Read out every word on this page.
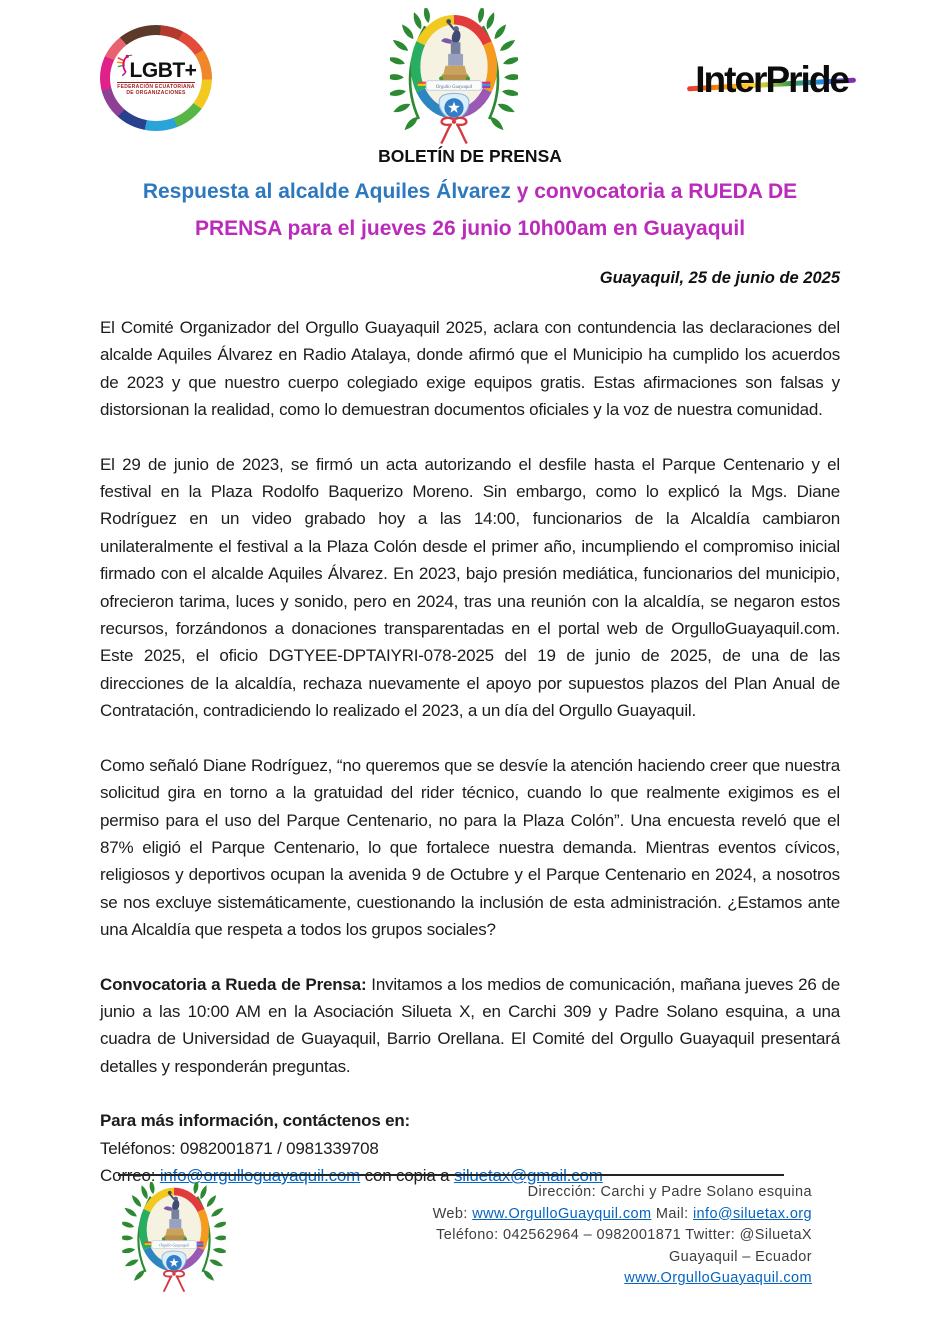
LGBT+
FEDERACIÓN ECUATORIANA
DE ORGANIZACIONES	InterPride
BOLETÍN DE PRENSA
Respuesta al alcalde Aquiles Álvarez y convocatoria a RUEDA DE
PRENSA para el jueves 26 junio 10h00am en Guayaquil
Guayaquil, 25 de junio de 2025

El Comité Organizador del Orgullo Guayaquil 2025, aclara con contundencia las declaraciones del alcalde Aquiles Álvarez en Radio Atalaya, donde afirmó que el Municipio ha cumplido los acuerdos de 2023 y que nuestro cuerpo colegiado exige equipos gratis. Estas afirmaciones son falsas y distorsionan la realidad, como lo demuestran documentos oficiales y la voz de nuestra comunidad.

El 29 de junio de 2023, se firmó un acta autorizando el desfile hasta el Parque Centenario y el festival en la Plaza Rodolfo Baquerizo Moreno. Sin embargo, como lo explicó la Mgs. Diane Rodríguez en un video grabado hoy a las 14:00, funcionarios de la Alcaldía cambiaron unilateralmente el festival a la Plaza Colón desde el primer año, incumpliendo el compromiso inicial firmado con el alcalde Aquiles Álvarez. En 2023, bajo presión mediática, funcionarios del municipio, ofrecieron tarima, luces y sonido, pero en 2024, tras una reunión con la alcaldía, se negaron estos recursos, forzándonos a donaciones transparentadas en el portal web de OrgulloGuayaquil.com. Este 2025, el oficio DGTYEE-DPTAIYRI-078-2025 del 19 de junio de 2025, de una de las direcciones de la alcaldía, rechaza nuevamente el apoyo por supuestos plazos del Plan Anual de Contratación, contradiciendo lo realizado el 2023, a un día del Orgullo Guayaquil.

Como señaló Diane Rodríguez, “no queremos que se desvíe la atención haciendo creer que nuestra solicitud gira en torno a la gratuidad del rider técnico, cuando lo que realmente exigimos es el permiso para el uso del Parque Centenario, no para la Plaza Colón”. Una encuesta reveló que el 87% eligió el Parque Centenario, lo que fortalece nuestra demanda. Mientras eventos cívicos, religiosos y deportivos ocupan la avenida 9 de Octubre y el Parque Centenario en 2024, a nosotros se nos excluye sistemáticamente, cuestionando la inclusión de esta administración. ¿Estamos ante una Alcaldía que respeta a todos los grupos sociales?

Convocatoria a Rueda de Prensa: Invitamos a los medios de comunicación, mañana jueves 26 de junio a las 10:00 AM en la Asociación Silueta X, en Carchi 309 y Padre Solano esquina, a una cuadra de Universidad de Guayaquil, Barrio Orellana. El Comité del Orgullo Guayaquil presentará detalles y responderán preguntas.

Para más información, contáctenos en:
Teléfonos: 0982001871 / 0981339708
Correo: info@orgulloguayaquil.com con copia a siluetax@gmail.com
Dirección: Carchi y Padre Solano esquina
Web: www.OrgulloGuayquil.com Mail: info@siluetax.org
Teléfono: 042562964 – 0982001871 Twitter: @SiluetaX
Guayaquil – Ecuador
www.OrgulloGuayaquil.com
